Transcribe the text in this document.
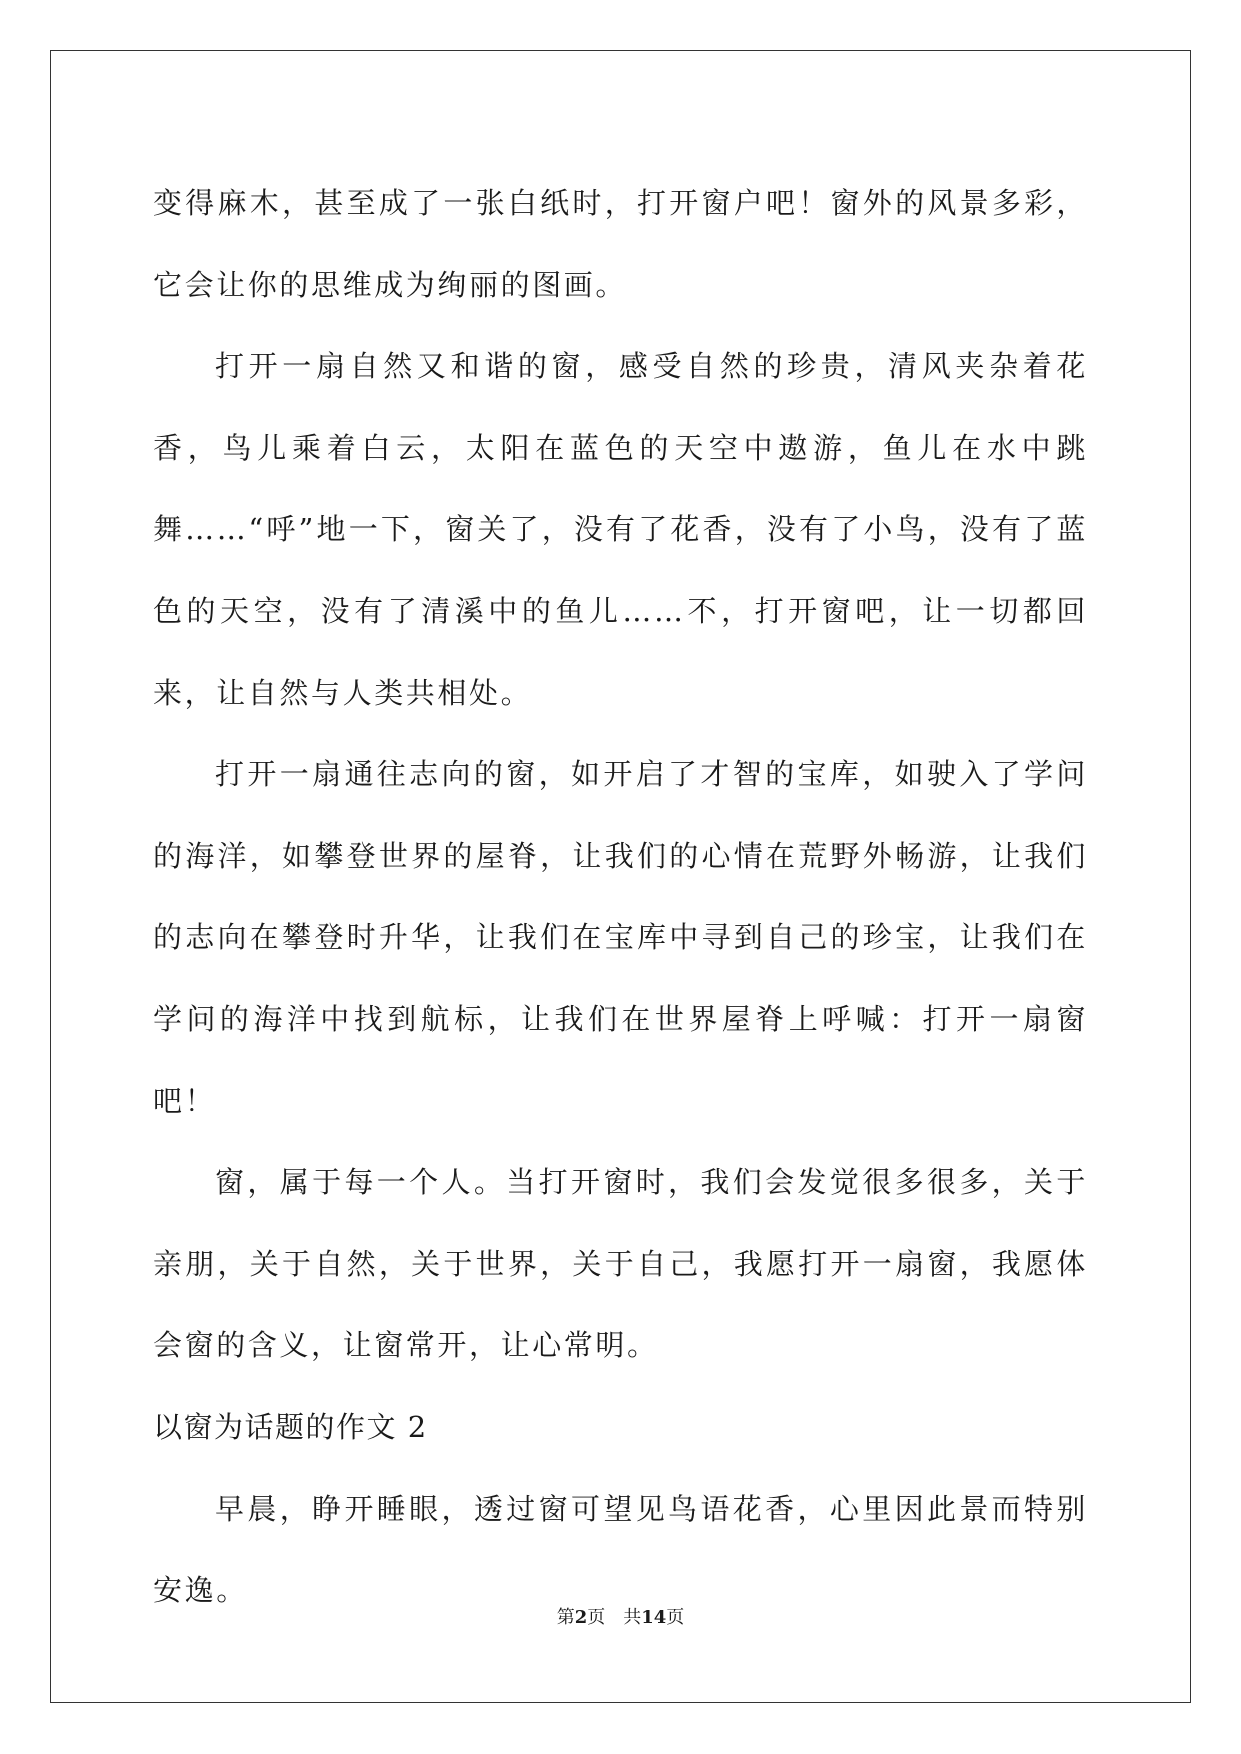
变得麻木，甚至成了一张白纸时，打开窗户吧！窗外的风景多彩，它会让你的思维成为绚丽的图画。

打开一扇自然又和谐的窗，感受自然的珍贵，清风夹杂着花香，鸟儿乘着白云，太阳在蓝色的天空中遨游，鱼儿在水中跳舞……“呼”地一下，窗关了，没有了花香，没有了小鸟，没有了蓝色的天空，没有了清溪中的鱼儿……不，打开窗吧，让一切都回来，让自然与人类共相处。

打开一扇通往志向的窗，如开启了才智的宝库，如驶入了学问的海洋，如攀登世界的屋脊，让我们的心情在荒野外畅游，让我们的志向在攀登时升华，让我们在宝库中寻到自己的珍宝，让我们在学问的海洋中找到航标，让我们在世界屋脊上呼喊：打开一扇窗吧！

窗，属于每一个人。当打开窗时，我们会发觉很多很多，关于亲朋，关于自然，关于世界，关于自己，我愿打开一扇窗，我愿体会窗的含义，让窗常开，让心常明。

以窗为话题的作文 2

早晨，睁开睡眼，透过窗可望见鸟语花香，心里因此景而特别安逸。

第2页 共14页
